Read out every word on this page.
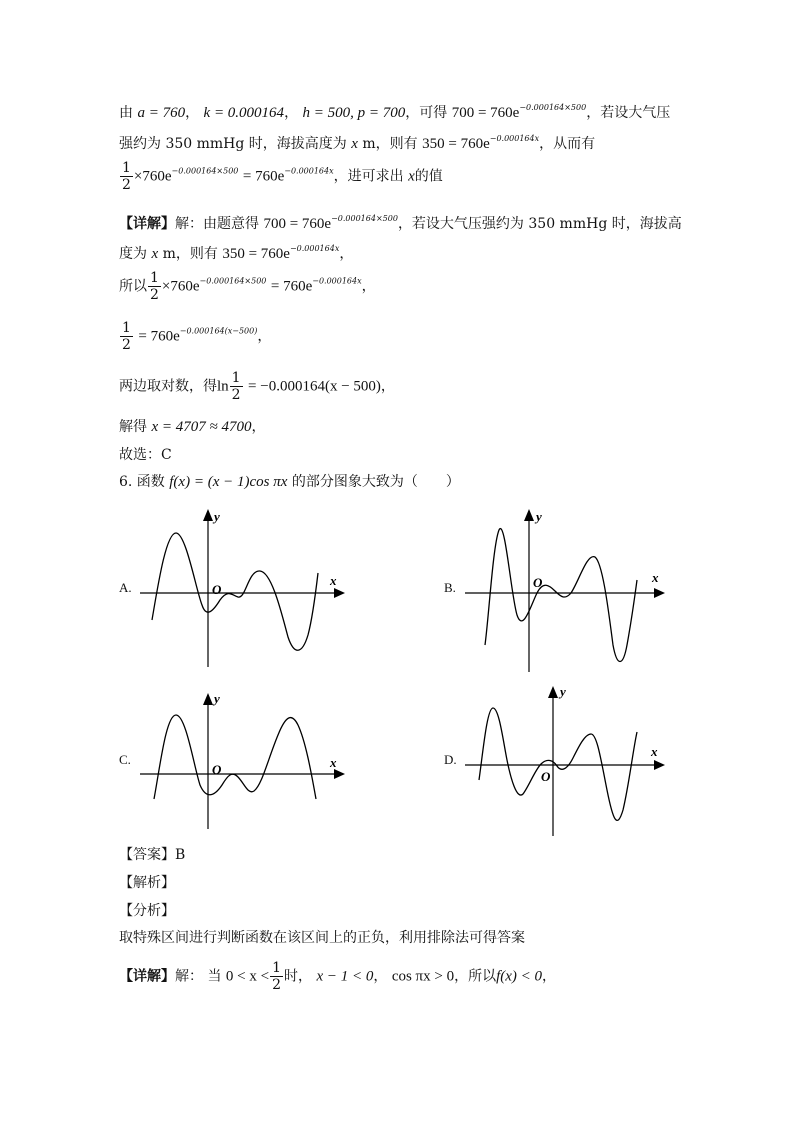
由 a = 760， k = 0.000164， h = 500, p = 700，可得 $700 = 760e^{-0.000164\times 500}$，若设大气压
强约为 350 mmHg 时，海拔高度为 x m，则有 $350 = 760e^{-0.000164x}$，从而有
$\frac{1}{2} \times 760e^{-0.000164\times 500} = 760e^{-0.000164x}$，进可求出 x的值
【详解】解：由题意得 $700 = 760e^{-0.000164\times 500}$，若设大气压强约为 350 mmHg 时，海拔高
度为 x m，则有 $350 = 760e^{-0.000164x}$，
所以 $\frac{1}{2} \times 760e^{-0.000164\times 500} = 760e^{-0.000164x}$，
$\frac{1}{2} = 760e^{-0.000164(x-500)}$，
两边取对数，得$\ln \frac{1}{2} = -0.000164(x - 500)$，
解得 x = 4707 ≈ 4700，
故选：C
6. 函数 f(x) = (x − 1)cos πx 的部分图象大致为（　　）
A.	B.
C.	D.
O
x
y
O	x
y
O	x
y
O
x
y
【答案】B
【解析】
【分析】
取特殊区间进行判断函数在该区间上的正负，利用排除法可得答案
【详解】解： 当 $0 < x < \frac{1}{2}$ 时， x − 1 < 0， cos πx > 0，所以f(x) < 0，
